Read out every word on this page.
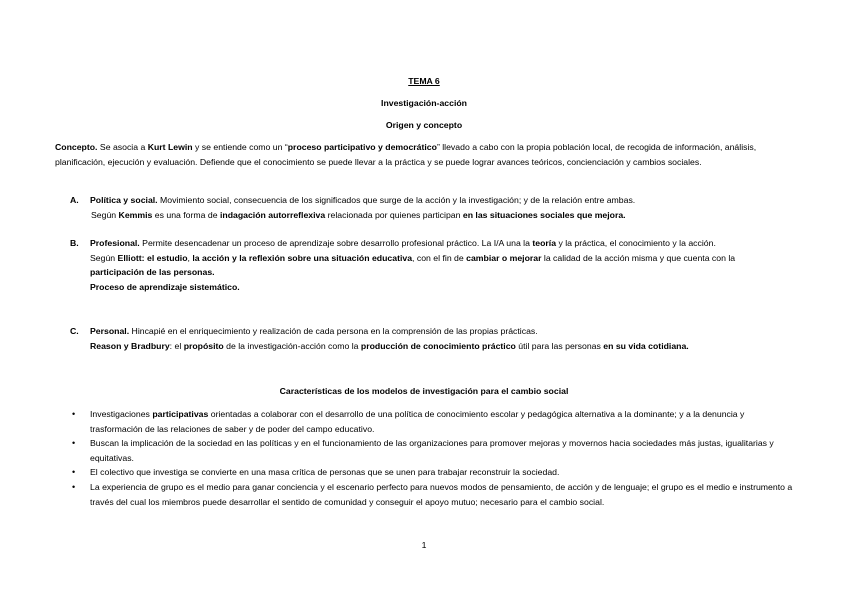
TEMA 6
Investigación-acción
Origen y concepto
Concepto. Se asocia a Kurt Lewin y se entiende como un “proceso participativo y democrático” llevado a cabo con la propia población local, de recogida de información, análisis, planificación, ejecución y evaluación. Defiende que el conocimiento se puede llevar a la práctica y se puede lograr avances teóricos, concienciación y cambios sociales.
A. Política y social. Movimiento social, consecuencia de los significados que surge de la acción y la investigación; y de la relación entre ambas.
Según Kemmis es una forma de indagación autorreflexiva relacionada por quienes participan en las situaciones sociales que mejora.
B. Profesional. Permite desencadenar un proceso de aprendizaje sobre desarrollo profesional práctico. La I/A una la teoría y la práctica, el conocimiento y la acción.
Según Elliott: el estudio, la acción y la reflexión sobre una situación educativa, con el fin de cambiar o mejorar la calidad de la acción misma y que cuenta con la participación de las personas.
Proceso de aprendizaje sistemático.
C. Personal. Hincapié en el enriquecimiento y realización de cada persona en la comprensión de las propias prácticas.
Reason y Bradbury: el propósito de la investigación-acción como la producción de conocimiento práctico útil para las personas en su vida cotidiana.
Características de los modelos de investigación para el cambio social
• Investigaciones participativas orientadas a colaborar con el desarrollo de una política de conocimiento escolar y pedagógica alternativa a la dominante; y a la denuncia y trasformación de las relaciones de saber y de poder del campo educativo.
• Buscan la implicación de la sociedad en las políticas y en el funcionamiento de las organizaciones para promover mejoras y movernos hacia sociedades más justas, igualitarias y equitativas.
• El colectivo que investiga se convierte en una masa crítica de personas que se unen para trabajar reconstruir la sociedad.
• La experiencia de grupo es el medio para ganar conciencia y el escenario perfecto para nuevos modos de pensamiento, de acción y de lenguaje; el grupo es el medio e instrumento a través del cual los miembros puede desarrollar el sentido de comunidad y conseguir el apoyo mutuo; necesario para el cambio social.
1
